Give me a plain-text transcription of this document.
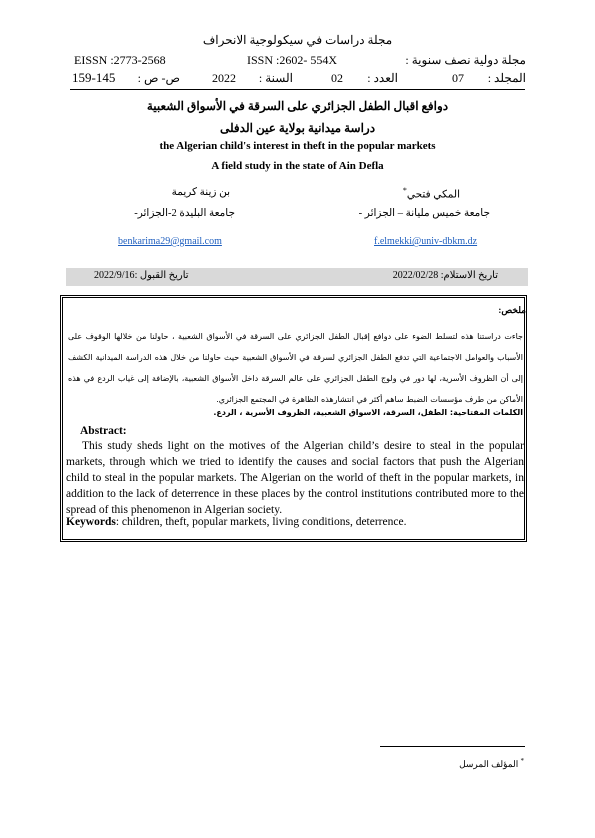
مجلة دراسات في سيكولوجية الانحراف
EISSN :2773-2568	ISSN :2602- 554X	مجلة دولية نصف سنوية :
159-145	ص- ص :	2022	السنة :	02	العدد :	07	المجلد :
دوافع اقبال الطفل الجزائري على السرقة في الأسواق الشعبية
دراسة ميدانية بولاية عين الدفلى
the Algerian child's interest in theft in the popular markets
A field study in the state of Ain Defla
المكي فتحي*
جامعة خميس مليانة – الجزائر -
f.elmekki@univ-dbkm.dz
بن زينة كريمة
جامعة البليدة 2-الجزائر-
benkarima29@gmail.com
تاريخ الاستلام: 2022/02/28
تاريخ القبول :2022/9/16
ملخص:
جاءت دراستنا هذه لتسلط الضوء على دوافع إقبال الطفل الجزائري على السرقة في الأسواق الشعبية ، حاولنا من خلالها الوقوف على الأسباب والعوامل الاجتماعية التي تدفع الطفل الجزائري لسرقة في الأسواق الشعبية حيث حاولنا من خلال هذه الدراسة الميدانية الكشف إلى أن الظروف الأسرية، لها دور في ولوج الطفل الجزائري على عالم السرقة داخل الأسواق الشعبية، بالإضافة إلى غياب الردع في هذه الأماكن من طرف مؤسسات الضبط ساهم أكثر في انتشارهذه الظاهرة في المجتمع الجزائري.
الكلمات المفتاحية: الطفل، السرقة، الاسواق الشعبية، الظروف الأسرية ، الردع.
Abstract:
This study sheds light on the motives of the Algerian child’s desire to steal in the popular markets, through which we tried to identify the causes and social factors that push the Algerian child to steal in the popular markets. The Algerian on the world of theft in the popular markets, in addition to the lack of deterrence in these places by the control institutions contributed more to the spread of this phenomenon in Algerian society.
Keywords: children, theft, popular markets, living conditions, deterrence.
* المؤلف المرسل
